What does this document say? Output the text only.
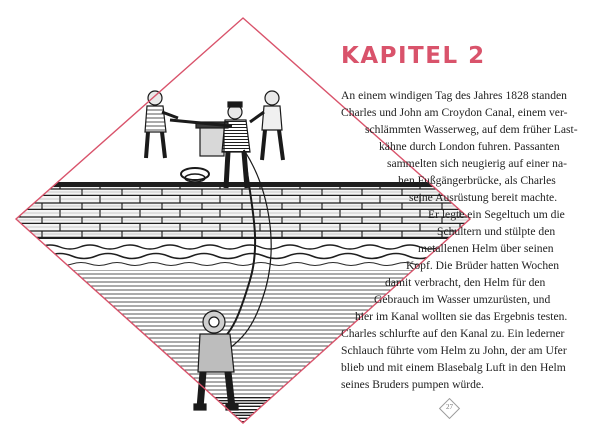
KAPITEL 2
An einem windigen Tag des Jahres 1828 standen
Charles und John am Croydon Canal, einem ver-
schlämmten Wasserweg, auf dem früher Last-
kähne durch London fuhren. Passanten
sammelten sich neugierig auf einer na-
hen Fußgängerbrücke, als Charles
seine Ausrüstung bereit machte.
Er legte ein Segeltuch um die
Schultern und stülpte den
metallenen Helm über seinen
Kopf. Die Brüder hatten Wochen
damit verbracht, den Helm für den
Gebrauch im Wasser umzurüsten, und
hier im Kanal wollten sie das Ergebnis testen.
Charles schlurfte auf den Kanal zu. Ein lederner
Schlauch führte vom Helm zu John, der am Ufer
blieb und mit einem Blasebalg Luft in den Helm
seines Bruders pumpen würde.
27
